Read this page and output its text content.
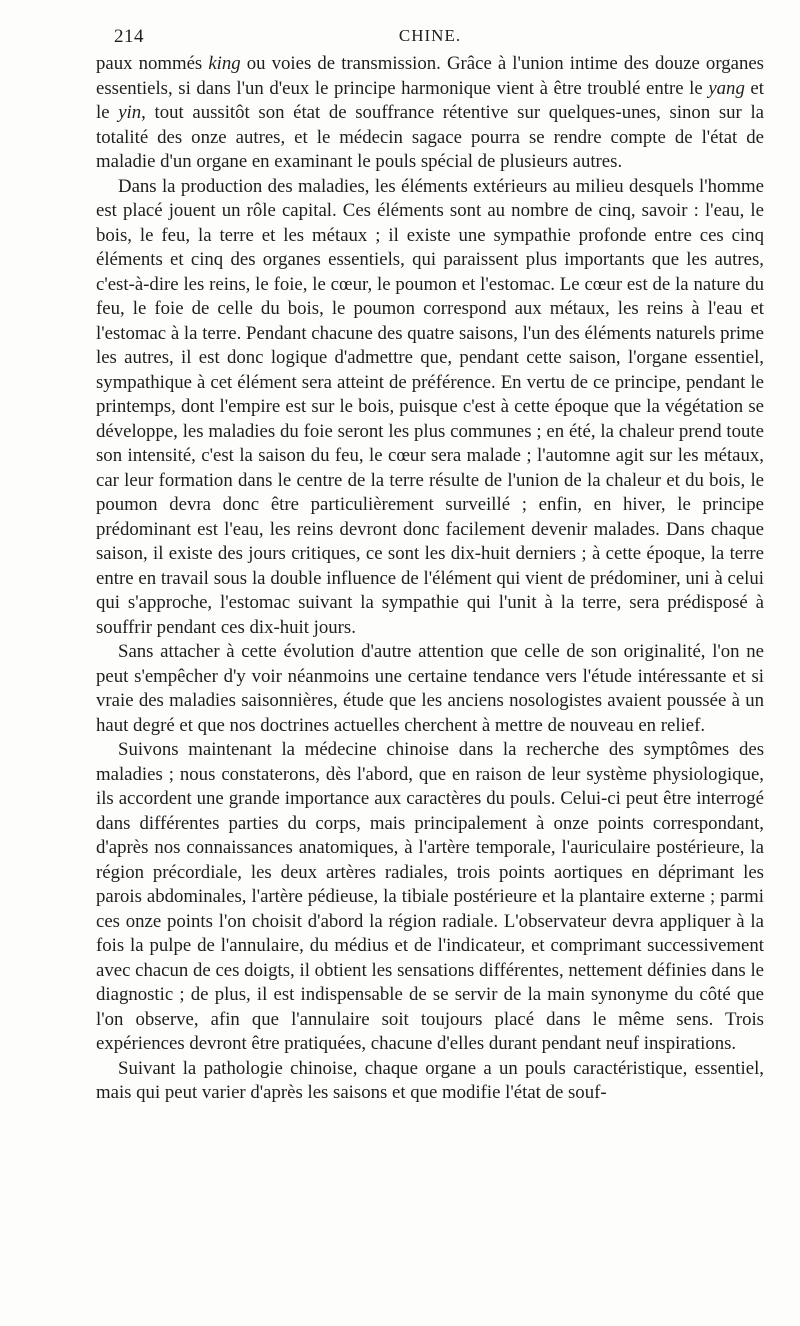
214	CHINE.

paux nommés king ou voies de transmission. Grâce à l'union intime des douze organes essentiels, si dans l'un d'eux le principe harmonique vient à être troublé entre le yang et le yin, tout aussitôt son état de souffrance rétentive sur quelques-unes, sinon sur la totalité des onze autres, et le médecin sagace pourra se rendre compte de l'état de maladie d'un organe en examinant le pouls spécial de plusieurs autres.

Dans la production des maladies, les éléments extérieurs au milieu desquels l'homme est placé jouent un rôle capital. Ces éléments sont au nombre de cinq, savoir : l'eau, le bois, le feu, la terre et les métaux ; il existe une sympathie profonde entre ces cinq éléments et cinq des organes essentiels, qui paraissent plus importants que les autres, c'est-à-dire les reins, le foie, le cœur, le poumon et l'estomac. Le cœur est de la nature du feu, le foie de celle du bois, le poumon correspond aux métaux, les reins à l'eau et l'estomac à la terre. Pendant chacune des quatre saisons, l'un des éléments naturels prime les autres, il est donc logique d'admettre que, pendant cette saison, l'organe essentiel, sympathique à cet élément sera atteint de préférence. En vertu de ce principe, pendant le printemps, dont l'empire est sur le bois, puisque c'est à cette époque que la végétation se développe, les maladies du foie seront les plus communes ; en été, la chaleur prend toute son intensité, c'est la saison du feu, le cœur sera malade ; l'automne agit sur les métaux, car leur formation dans le centre de la terre résulte de l'union de la chaleur et du bois, le poumon devra donc être particulièrement surveillé ; enfin, en hiver, le principe prédominant est l'eau, les reins devront donc facilement devenir malades. Dans chaque saison, il existe des jours critiques, ce sont les dix-huit derniers ; à cette époque, la terre entre en travail sous la double influence de l'élément qui vient de prédominer, uni à celui qui s'approche, l'estomac suivant la sympathie qui l'unit à la terre, sera prédisposé à souffrir pendant ces dix-huit jours.

Sans attacher à cette évolution d'autre attention que celle de son originalité, l'on ne peut s'empêcher d'y voir néanmoins une certaine tendance vers l'étude intéressante et si vraie des maladies saisonnières, étude que les anciens nosologistes avaient poussée à un haut degré et que nos doctrines actuelles cherchent à mettre de nouveau en relief.

Suivons maintenant la médecine chinoise dans la recherche des symptômes des maladies ; nous constaterons, dès l'abord, que en raison de leur système physiologique, ils accordent une grande importance aux caractères du pouls. Celui-ci peut être interrogé dans différentes parties du corps, mais principalement à onze points correspondant, d'après nos connaissances anatomiques, à l'artère temporale, l'auriculaire postérieure, la région précordiale, les deux artères radiales, trois points aortiques en déprimant les parois abdominales, l'artère pédieuse, la tibiale postérieure et la plantaire externe ; parmi ces onze points l'on choisit d'abord la région radiale. L'observateur devra appliquer à la fois la pulpe de l'annulaire, du médius et de l'indicateur, et comprimant successivement avec chacun de ces doigts, il obtient les sensations différentes, nettement définies dans le diagnostic ; de plus, il est indispensable de se servir de la main synonyme du côté que l'on observe, afin que l'annulaire soit toujours placé dans le même sens. Trois expériences devront être pratiquées, chacune d'elles durant pendant neuf inspirations.

Suivant la pathologie chinoise, chaque organe a un pouls caractéristique, essentiel, mais qui peut varier d'après les saisons et que modifie l'état de souf-
